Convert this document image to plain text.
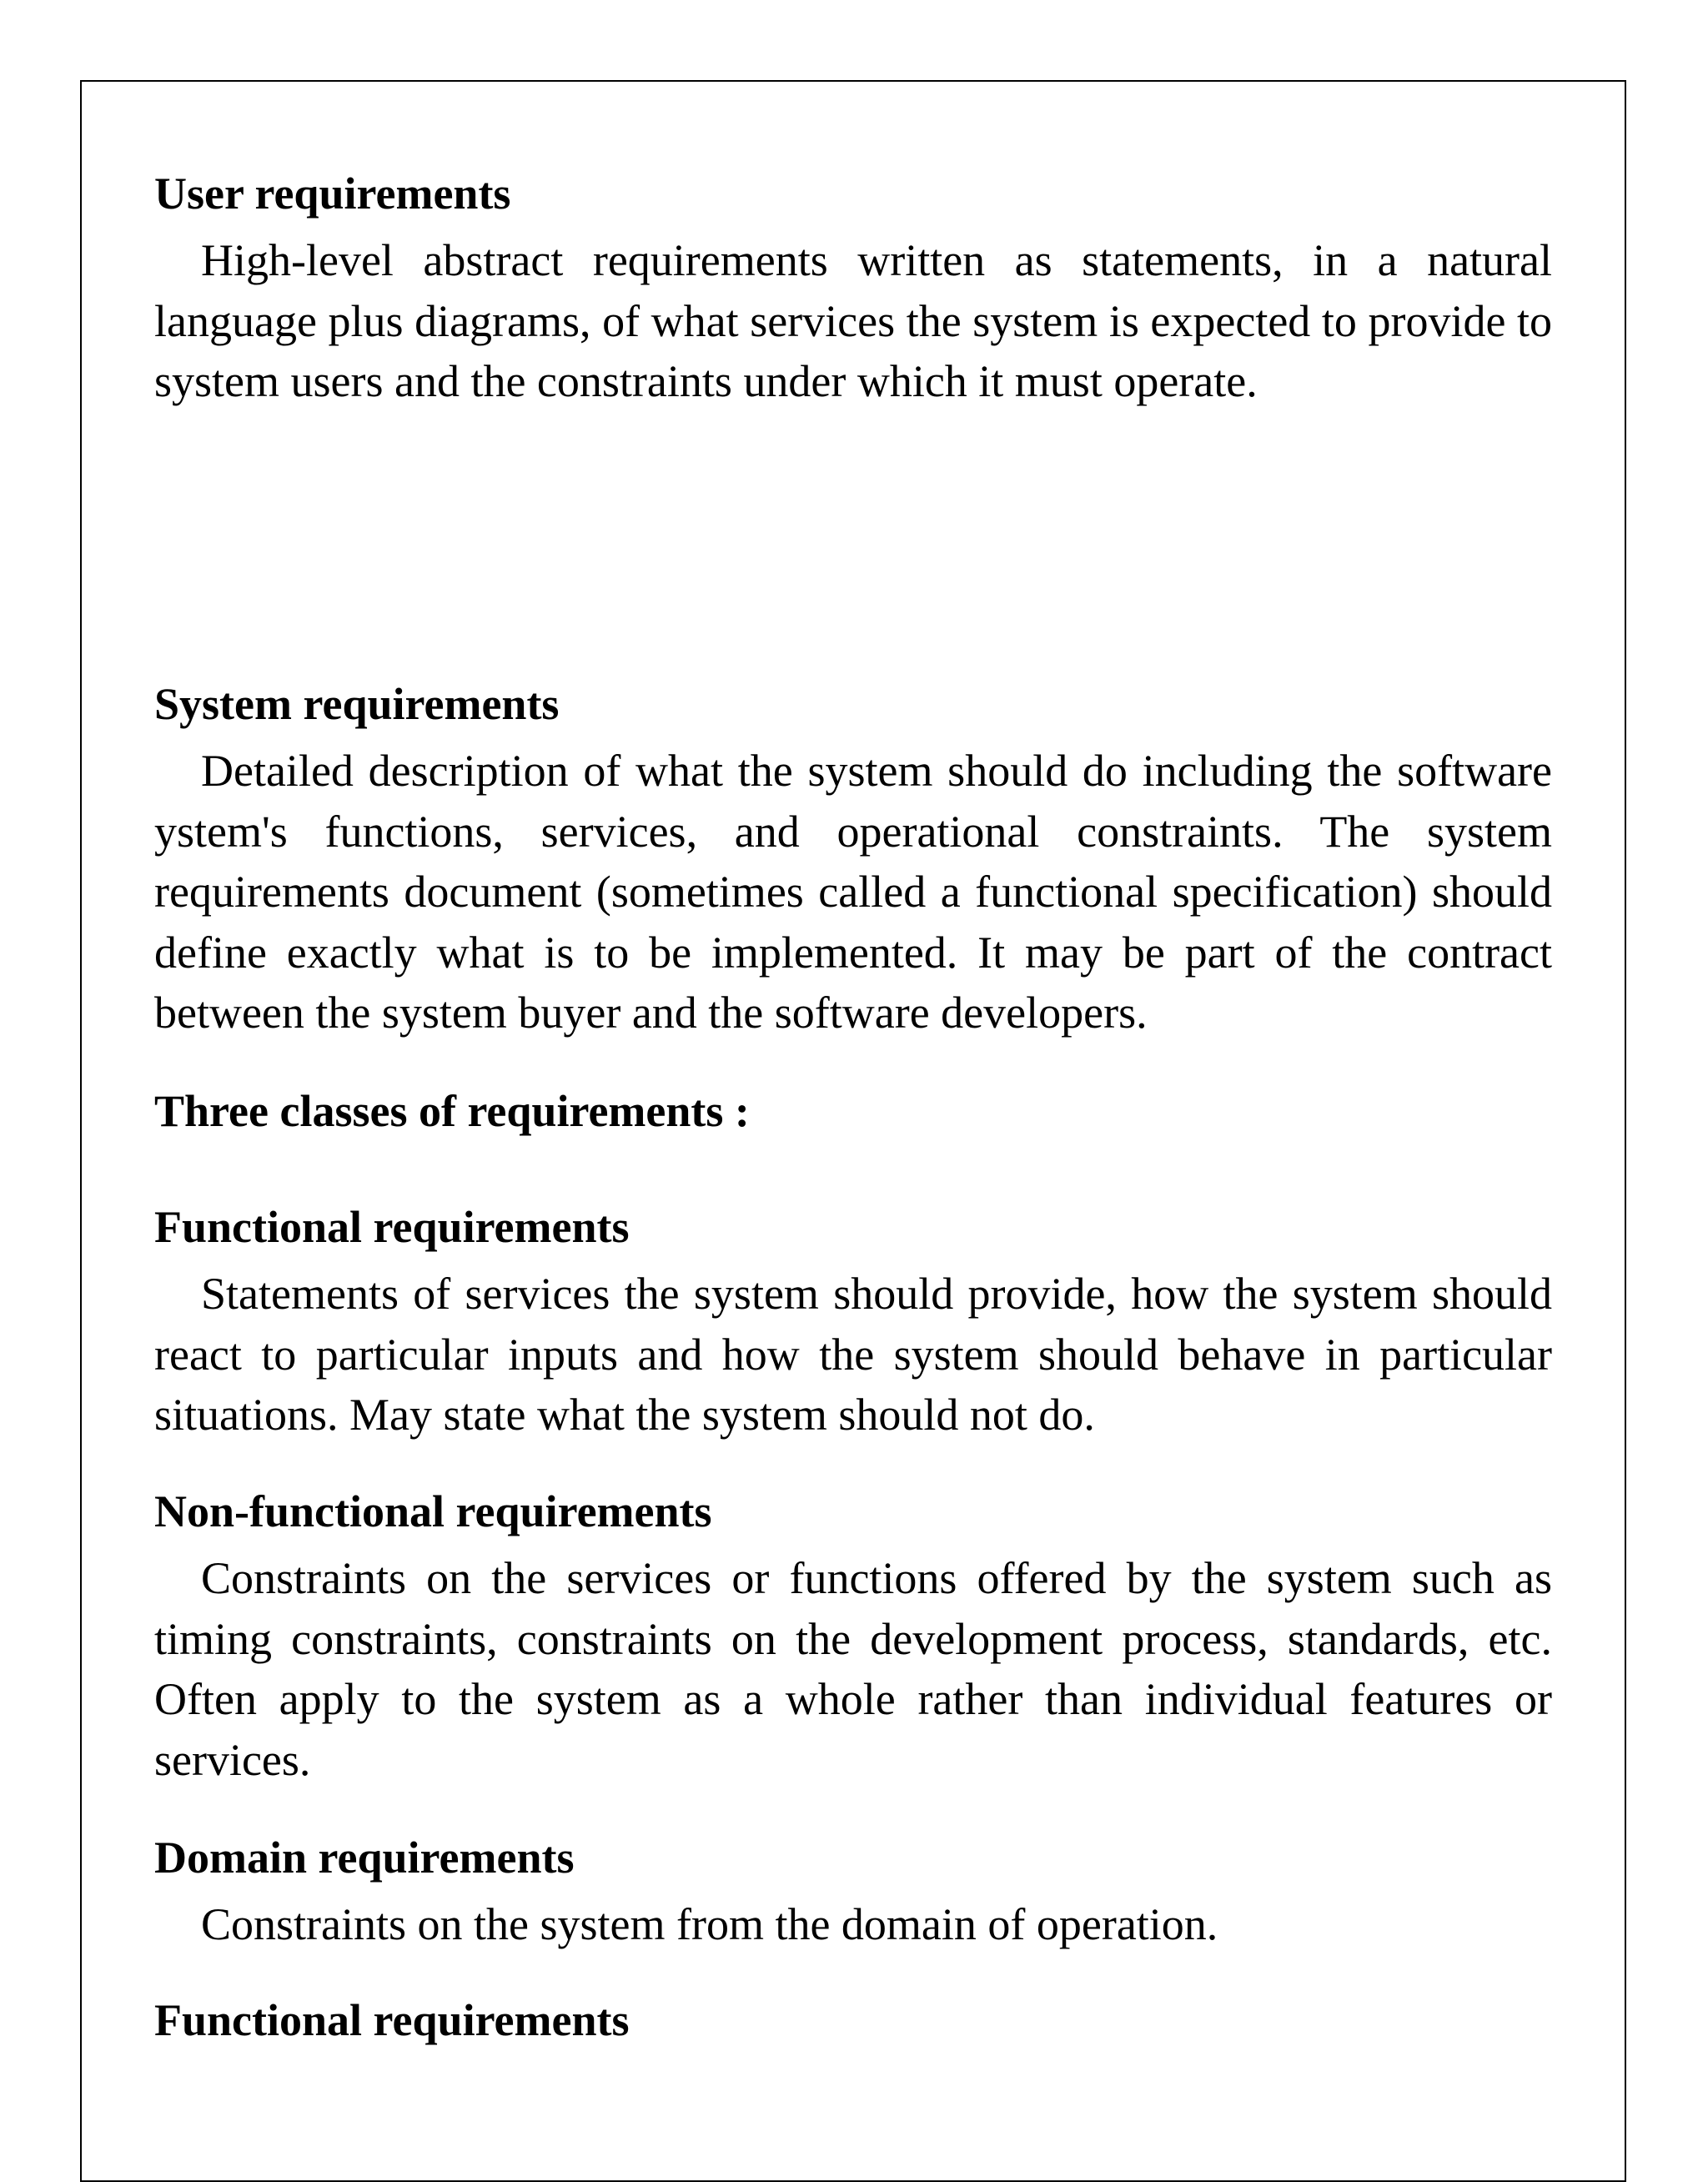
User requirements
High-level abstract requirements written as statements, in a natural language plus diagrams, of what services the system is expected to provide to system users and the constraints under which it must operate.
System requirements
Detailed description of what the system should do including the software ystem's functions, services, and operational constraints. The system requirements document (sometimes called a functional specification) should define exactly what is to be implemented. It may be part of the contract between the system buyer and the software developers.
Three classes of requirements :
Functional requirements
Statements of services the system should provide, how the system should react to particular inputs and how the system should behave in particular situations. May state what the system should not do.
Non-functional requirements
Constraints on the services or functions offered by the system such as timing constraints, constraints on the development process, standards, etc. Often apply to the system as a whole rather than individual features or services.
Domain requirements
Constraints on the system from the domain of operation.
Functional requirements
